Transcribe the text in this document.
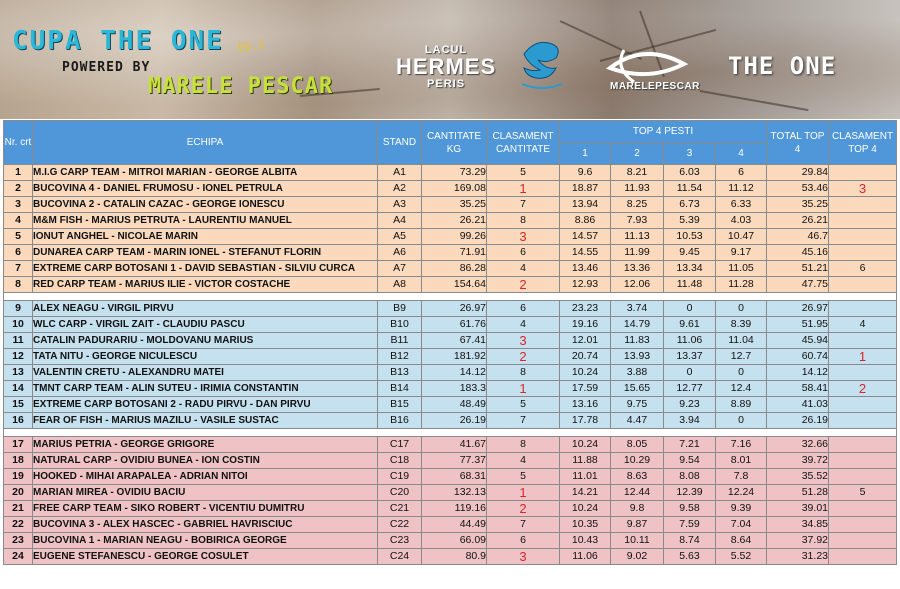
CUPA THE ONE ED.2
POWERED BY
MARELE PESCAR
LACUL
HERMES
PERIS	MARELEPESCAR
THE ONE
Nr. crt	ECHIPA	STAND	CANTITATE KG	CLASAMENT CANTITATE	TOP 4 PESTI				TOTAL TOP 4	CLASAMENT TOP 4
					1	2	3	4		
1	M.I.G CARP TEAM - MITROI MARIAN - GEORGE ALBITA	A1	73.29	5	9.6	8.21	6.03	6	29.84	
2	BUCOVINA 4 - DANIEL FRUMOSU - IONEL PETRULA	A2	169.08	1	18.87	11.93	11.54	11.12	53.46	3
3	BUCOVINA 2 - CATALIN CAZAC - GEORGE IONESCU	A3	35.25	7	13.94	8.25	6.73	6.33	35.25	
4	M&M FISH - MARIUS PETRUTA - LAURENTIU MANUEL	A4	26.21	8	8.86	7.93	5.39	4.03	26.21	
5	IONUT ANGHEL - NICOLAE MARIN	A5	99.26	3	14.57	11.13	10.53	10.47	46.7	
6	DUNAREA CARP TEAM - MARIN IONEL - STEFANUT FLORIN	A6	71.91	6	14.55	11.99	9.45	9.17	45.16	
7	EXTREME CARP BOTOSANI 1 - DAVID SEBASTIAN - SILVIU CURCA	A7	86.28	4	13.46	13.36	13.34	11.05	51.21	6
8	RED CARP TEAM - MARIUS ILIE - VICTOR COSTACHE	A8	154.64	2	12.93	12.06	11.48	11.28	47.75	

9	ALEX NEAGU - VIRGIL PIRVU	B9	26.97	6	23.23	3.74	0	0	26.97	
10	WLC CARP - VIRGIL ZAIT - CLAUDIU PASCU	B10	61.76	4	19.16	14.79	9.61	8.39	51.95	4
11	CATALIN PADURARIU - MOLDOVANU MARIUS	B11	67.41	3	12.01	11.83	11.06	11.04	45.94	
12	TATA NITU - GEORGE NICULESCU	B12	181.92	2	20.74	13.93	13.37	12.7	60.74	1
13	VALENTIN CRETU - ALEXANDRU MATEI	B13	14.12	8	10.24	3.88	0	0	14.12	
14	TMNT CARP TEAM - ALIN SUTEU - IRIMIA CONSTANTIN	B14	183.3	1	17.59	15.65	12.77	12.4	58.41	2
15	EXTREME CARP BOTOSANI 2 - RADU PIRVU - DAN PIRVU	B15	48.49	5	13.16	9.75	9.23	8.89	41.03	
16	FEAR OF FISH - MARIUS MAZILU - VASILE SUSTAC	B16	26.19	7	17.78	4.47	3.94	0	26.19	

17	MARIUS PETRIA - GEORGE GRIGORE	C17	41.67	8	10.24	8.05	7.21	7.16	32.66	
18	NATURAL CARP - OVIDIU BUNEA - ION COSTIN	C18	77.37	4	11.88	10.29	9.54	8.01	39.72	
19	HOOKED - MIHAI ARAPALEA - ADRIAN NITOI	C19	68.31	5	11.01	8.63	8.08	7.8	35.52	
20	MARIAN MIREA - OVIDIU BACIU	C20	132.13	1	14.21	12.44	12.39	12.24	51.28	5
21	FREE CARP TEAM - SIKO ROBERT - VICENTIU DUMITRU	C21	119.16	2	10.24	9.8	9.58	9.39	39.01	
22	BUCOVINA 3 - ALEX HASCEC - GABRIEL HAVRISCIUC	C22	44.49	7	10.35	9.87	7.59	7.04	34.85	
23	BUCOVINA 1 - MARIAN NEAGU - BOBIRICA GEORGE	C23	66.09	6	10.43	10.11	8.74	8.64	37.92	
24	EUGENE STEFANESCU - GEORGE COSULET	C24	80.9	3	11.06	9.02	5.63	5.52	31.23	
